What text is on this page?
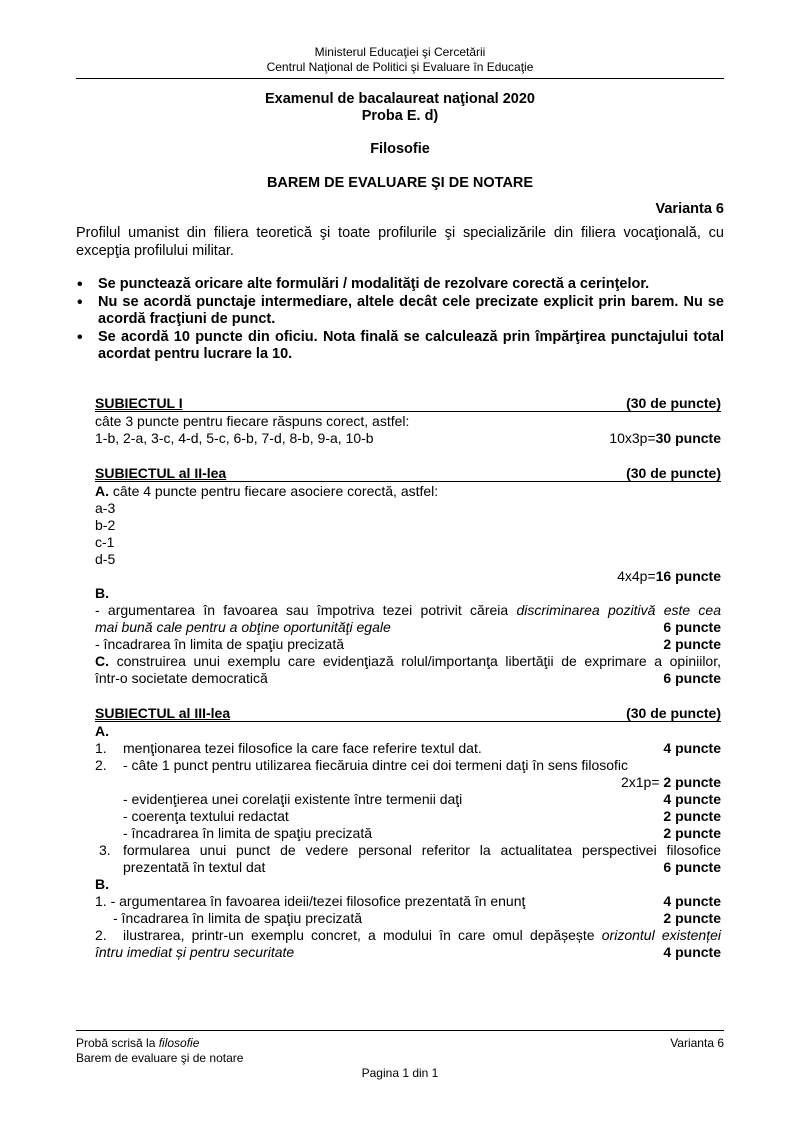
Ministerul Educaţiei şi Cercetării
Centrul Naţional de Politici şi Evaluare în Educaţie
Examenul de bacalaureat naţional 2020
Proba E. d)
Filosofie
BAREM DE EVALUARE ŞI DE NOTARE
Varianta 6
Profilul umanist din filiera teoretică şi toate profilurile şi specializările din filiera vocaţională, cu excepţia profilului militar.
• Se punctează oricare alte formulări / modalităţi de rezolvare corectă a cerinţelor.
• Nu se acordă punctaje intermediare, altele decât cele precizate explicit prin barem. Nu se acordă fracţiuni de punct.
• Se acordă 10 puncte din oficiu. Nota finală se calculează prin împărţirea punctajului total acordat pentru lucrare la 10.
SUBIECTUL I	(30 de puncte)
câte 3 puncte pentru fiecare răspuns corect, astfel:
1-b, 2-a, 3-c, 4-d, 5-c, 6-b, 7-d, 8-b, 9-a, 10-b	10x3p=30 puncte
SUBIECTUL al II-lea	(30 de puncte)
A. câte 4 puncte pentru fiecare asociere corectă, astfel:
a-3
b-2
c-1
d-5
4x4p=16 puncte
B.
- argumentarea în favoarea sau împotriva tezei potrivit căreia discriminarea pozitivă este cea
mai bună cale pentru a obţine oportunităţi egale	6 puncte
- încadrarea în limita de spaţiu precizată	2 puncte
C. construirea unui exemplu care evidenţiază rolul/importanţa libertăţii de exprimare a opiniilor,
într-o societate democratică	6 puncte
SUBIECTUL al III-lea	(30 de puncte)
A.
1. menţionarea tezei filosofice la care face referire textul dat.	4 puncte
2. - câte 1 punct pentru utilizarea fiecăruia dintre cei doi termeni daţi în sens filosofic
2x1p= 2 puncte
- evidenţierea unei corelaţii existente între termenii daţi	4 puncte
- coerenţa textului redactat	2 puncte
- încadrarea în limita de spaţiu precizată	2 puncte
3. formularea unui punct de vedere personal referitor la actualitatea perspectivei filosofice
prezentată în textul dat	6 puncte
B.
1. - argumentarea în favoarea ideii/tezei filosofice prezentată în enunţ	4 puncte
- încadrarea în limita de spaţiu precizată	2 puncte
2. ilustrarea, printr-un exemplu concret, a modului în care omul depășește orizontul existenței
întru imediat și pentru securitate	4 puncte
Probă scrisă la filosofie	Varianta 6
Barem de evaluare şi de notare
Pagina 1 din 1
